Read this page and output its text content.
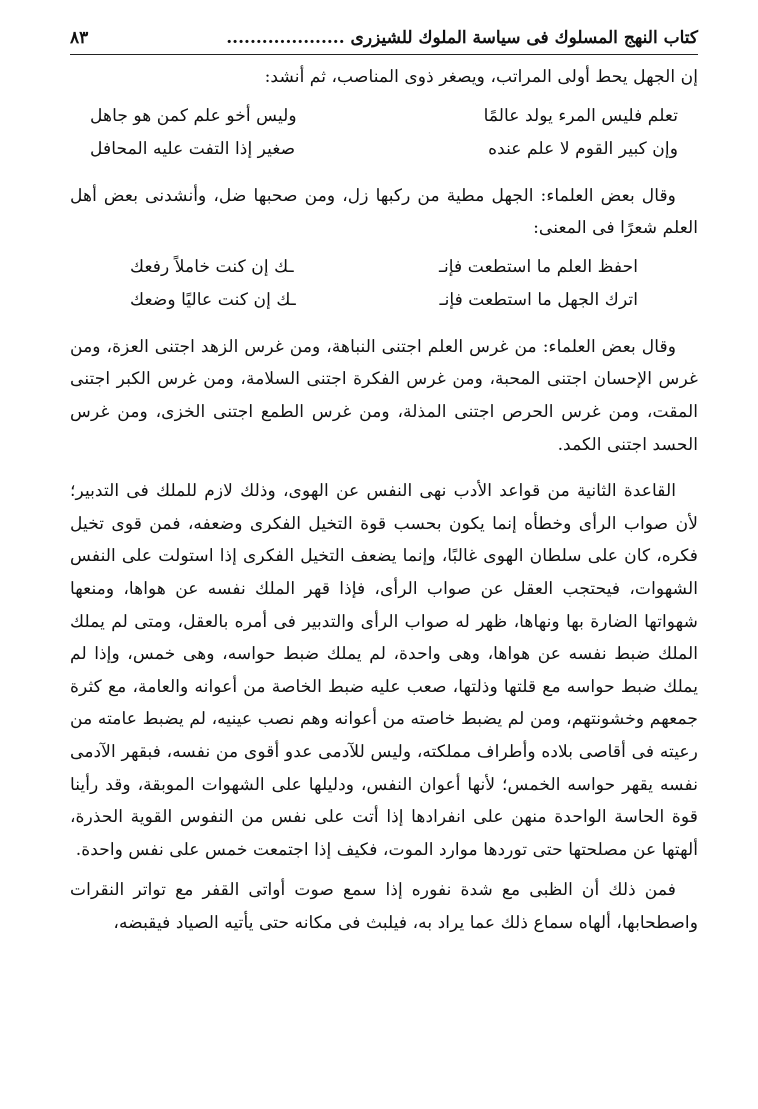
كتاب النهج المسلوك فى سياسة الملوك للشيزرى ....................
٨٣

إن الجهل يحط أولى المراتب، ويصغر ذوى المناصب، ثم أنشد:

تعلم فليس المرء يولد عالمًا
وليس أخو علم كمن هو جاهل
وإن كبير القوم لا علم عنده
صغير إذا التفت عليه المحافل

وقال بعض العلماء: الجهل مطية من ركبها زل، ومن صحبها ضل، وأنشدنى بعض أهل العلم شعرًا فى المعنى:

احفظ العلم ما استطعت فإنـ
ـك إن كنت خاملاً رفعك
اترك الجهل ما استطعت فإنـ
ـك إن كنت عاليًا وضعك

وقال بعض العلماء: من غرس العلم اجتنى النباهة، ومن غرس الزهد اجتنى العزة، ومن غرس الإحسان اجتنى المحبة، ومن غرس الفكرة اجتنى السلامة، ومن غرس الكبر اجتنى المقت، ومن غرس الحرص اجتنى المذلة، ومن غرس الطمع اجتنى الخزى، ومن غرس الحسد اجتنى الكمد.

القاعدة الثانية من قواعد الأدب نهى النفس عن الهوى، وذلك لازم للملك فى التدبير؛ لأن صواب الرأى وخطأه إنما يكون بحسب قوة التخيل الفكرى وضعفه، فمن قوى تخيل فكره، كان على سلطان الهوى غالبًا، وإنما يضعف التخيل الفكرى إذا استولت على النفس الشهوات، فيحتجب العقل عن صواب الرأى، فإذا قهر الملك نفسه عن هواها، ومنعها شهواتها الضارة بها ونهاها، ظهر له صواب الرأى والتدبير فى أمره بالعقل، ومتى لم يملك الملك ضبط نفسه عن هواها، وهى واحدة، لم يملك ضبط حواسه، وهى خمس، وإذا لم يملك ضبط حواسه مع قلتها وذلتها، صعب عليه ضبط الخاصة من أعوانه والعامة، مع كثرة جمعهم وخشونتهم، ومن لم يضبط خاصته من أعوانه وهم نصب عينيه، لم يضبط عامته من رعيته فى أقاصى بلاده وأطراف مملكته، وليس للآدمى عدو أقوى من نفسه، فبقهر الآدمى نفسه يقهر حواسه الخمس؛ لأنها أعوان النفس، ودليلها على الشهوات الموبقة، وقد رأينا قوة الحاسة الواحدة منهن على انفرادها إذا أتت على نفس من النفوس القوية الحذرة، ألهتها عن مصلحتها حتى توردها موارد الموت، فكيف إذا اجتمعت خمس على نفس واحدة.

فمن ذلك أن الظبى مع شدة نفوره إذا سمع صوت أواتى القفر مع تواتر النقرات واصطحابها، ألهاه سماع ذلك عما يراد به، فيلبث فى مكانه حتى يأتيه الصياد فيقبضه،
